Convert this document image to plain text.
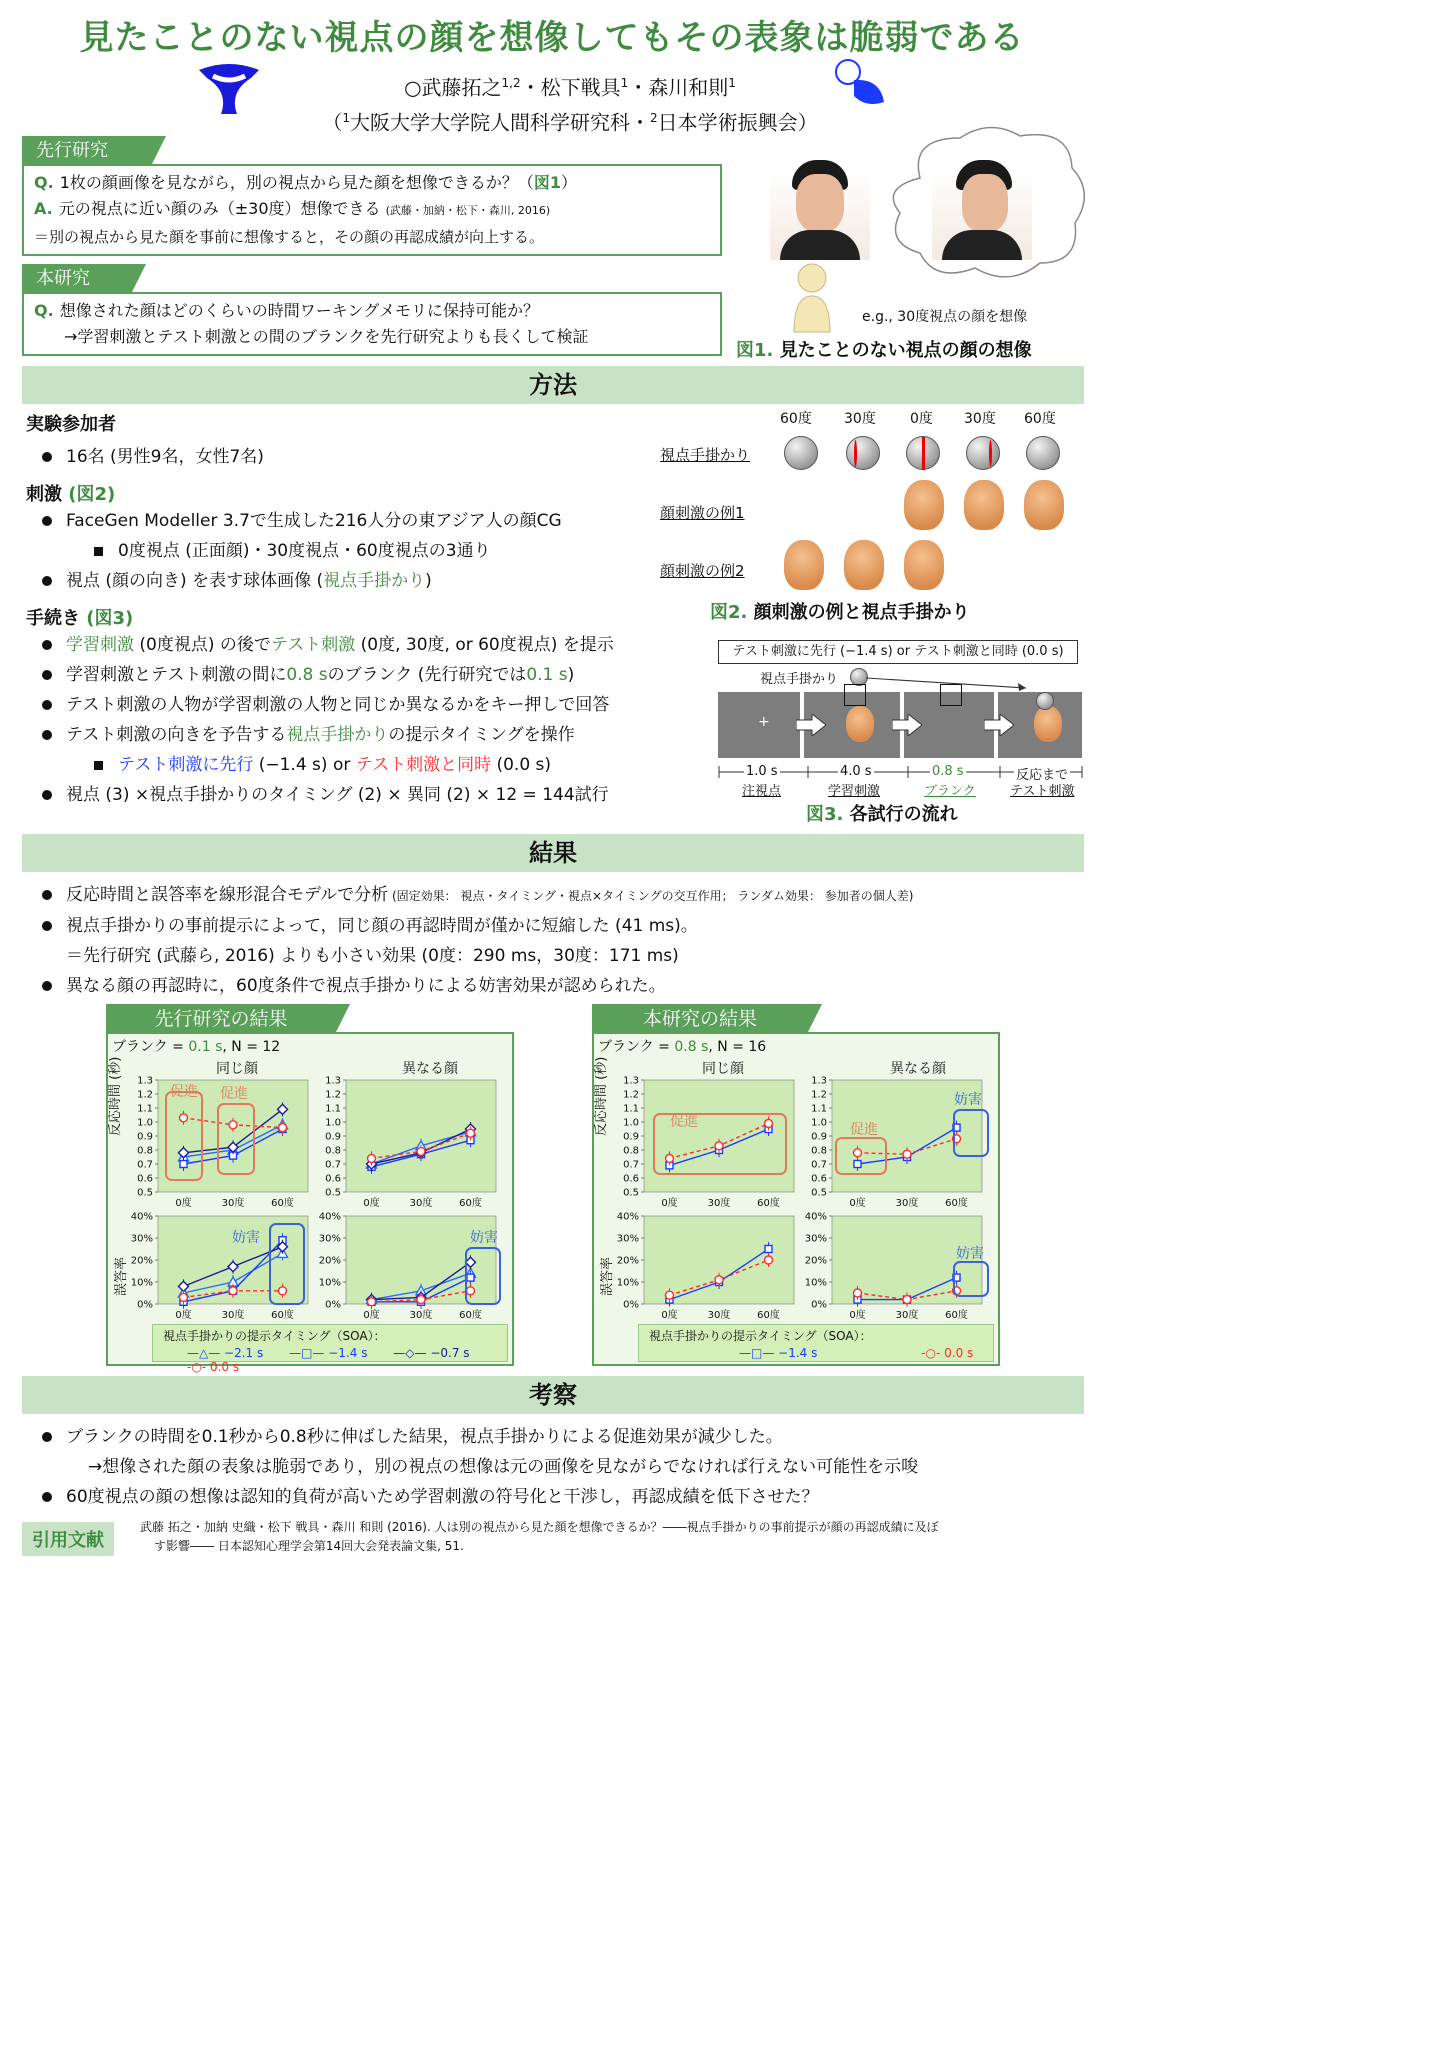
見たことのない視点の顔を想像してもその表象は脆弱である
○武藤拓之$^{1,2}$・松下戦具$^1$・森川和則$^1$
（$^1$大阪大学大学院人間科学研究科・$^2$日本学術振興会）
先行研究
Q. 1枚の顔画像を見ながら，別の視点から見た顔を想像できるか？（図1）
A. 元の視点に近い顔のみ（±30度）想像できる (武藤・加納・松下・森川, 2016)
＝別の視点から見た顔を事前に想像すると，その顔の再認成績が向上する。
本研究
Q. 想像された顔はどのくらいの時間ワーキングメモリに保持可能か？
→学習刺激とテスト刺激との間のブランクを先行研究よりも長くして検証
e.g., 30度視点の顔を想像
図1. 見たことのない視点の顔の想像
方法
実験参加者
16名 (男性9名，女性7名)
刺激 (図2)
FaceGen Modeller 3.7で生成した216人分の東アジア人の顔CG
0度視点 (正面顔)・30度視点・60度視点の3通り
視点 (顔の向き) を表す球体画像 (視点手掛かり)
手続き (図3)
学習刺激 (0度視点) の後でテスト刺激 (0度, 30度, or 60度視点) を提示
学習刺激とテスト刺激の間に0.8 sのブランク (先行研究では0.1 s)
テスト刺激の人物が学習刺激の人物と同じか異なるかをキー押しで回答
テスト刺激の向きを予告する視点手掛かりの提示タイミングを操作
テスト刺激に先行 (−1.4 s) or テスト刺激と同時 (0.0 s)
視点 (3) ×視点手掛かりのタイミング (2) × 異同 (2) × 12 = 144試行
60度 30度 0度 30度 60度
視点手掛かり
顔刺激の例1
顔刺激の例2
図2. 顔刺激の例と視点手掛かり
テスト刺激に先行 (−1.4 s) or テスト刺激と同時 (0.0 s)
視点手掛かり
+
1.0 s	4.0 s	0.8 s	反応まで
注視点	学習刺激	ブランク	テスト刺激
図3. 各試行の流れ
結果
反応時間と誤答率を線形混合モデルで分析 (固定効果： 視点・タイミング・視点×タイミングの交互作用； ランダム効果： 参加者の個人差)
視点手掛かりの事前提示によって，同じ顔の再認時間が僅かに短縮した (41 ms)。
＝先行研究 (武藤ら, 2016) よりも小さい効果 (0度：290 ms，30度：171 ms)
異なる顔の再認時に，60度条件で視点手掛かりによる妨害効果が認められた。
先行研究の結果
ブランク = 0.1 s, N = 12
同じ顔	異なる顔
反応時間 (秒)
誤答率
視点手掛かりの提示タイミング（SOA）：
—△— −2.1 s —□— −1.4 s —◇— −0.7 s -○- 0.0 s
本研究の結果
ブランク = 0.8 s, N = 16
同じ顔	異なる顔
反応時間 (秒)
誤答率
視点手掛かりの提示タイミング（SOA）：
—□— −1.4 s	-○- 0.0 s
0.5
0.6
0.7
0.8
0.9
1.0
1.1
1.2
1.3
0度	30度	60度
0.5
0.6
0.7
0.8
0.9
1.0
1.1
1.2
1.3
0度	30度	60度
0%
10%
20%
30%
40%
0度	30度	60度
0%
10%
20%
30%
40%
0度	30度	60度
0.5
0.6
0.7
0.8
0.9
1.0
1.1
1.2
1.3
0度	30度	60度
0.5
0.6
0.7
0.8
0.9
1.0
1.1
1.2
1.3
0度	30度	60度
0%
10%
20%
30%
40%
0度	30度	60度
0%
10%
20%
30%
40%
0度	30度	60度
促進 促進
妨害	妨害
促進	促進
妨害
妨害
考察
ブランクの時間を0.1秒から0.8秒に伸ばした結果，視点手掛かりによる促進効果が減少した。
→想像された顔の表象は脆弱であり，別の視点の想像は元の画像を見ながらでなければ行えない可能性を示唆
60度視点の顔の想像は認知的負荷が高いため学習刺激の符号化と干渉し，再認成績を低下させた？
引用文献
武藤 拓之・加納 史織・松下 戦具・森川 和則 (2016). 人は別の視点から見た顔を想像できるか？――視点手掛かりの事前提示が顔の再認成績に及ぼ
す影響―― 日本認知心理学会第14回大会発表論文集, 51.
